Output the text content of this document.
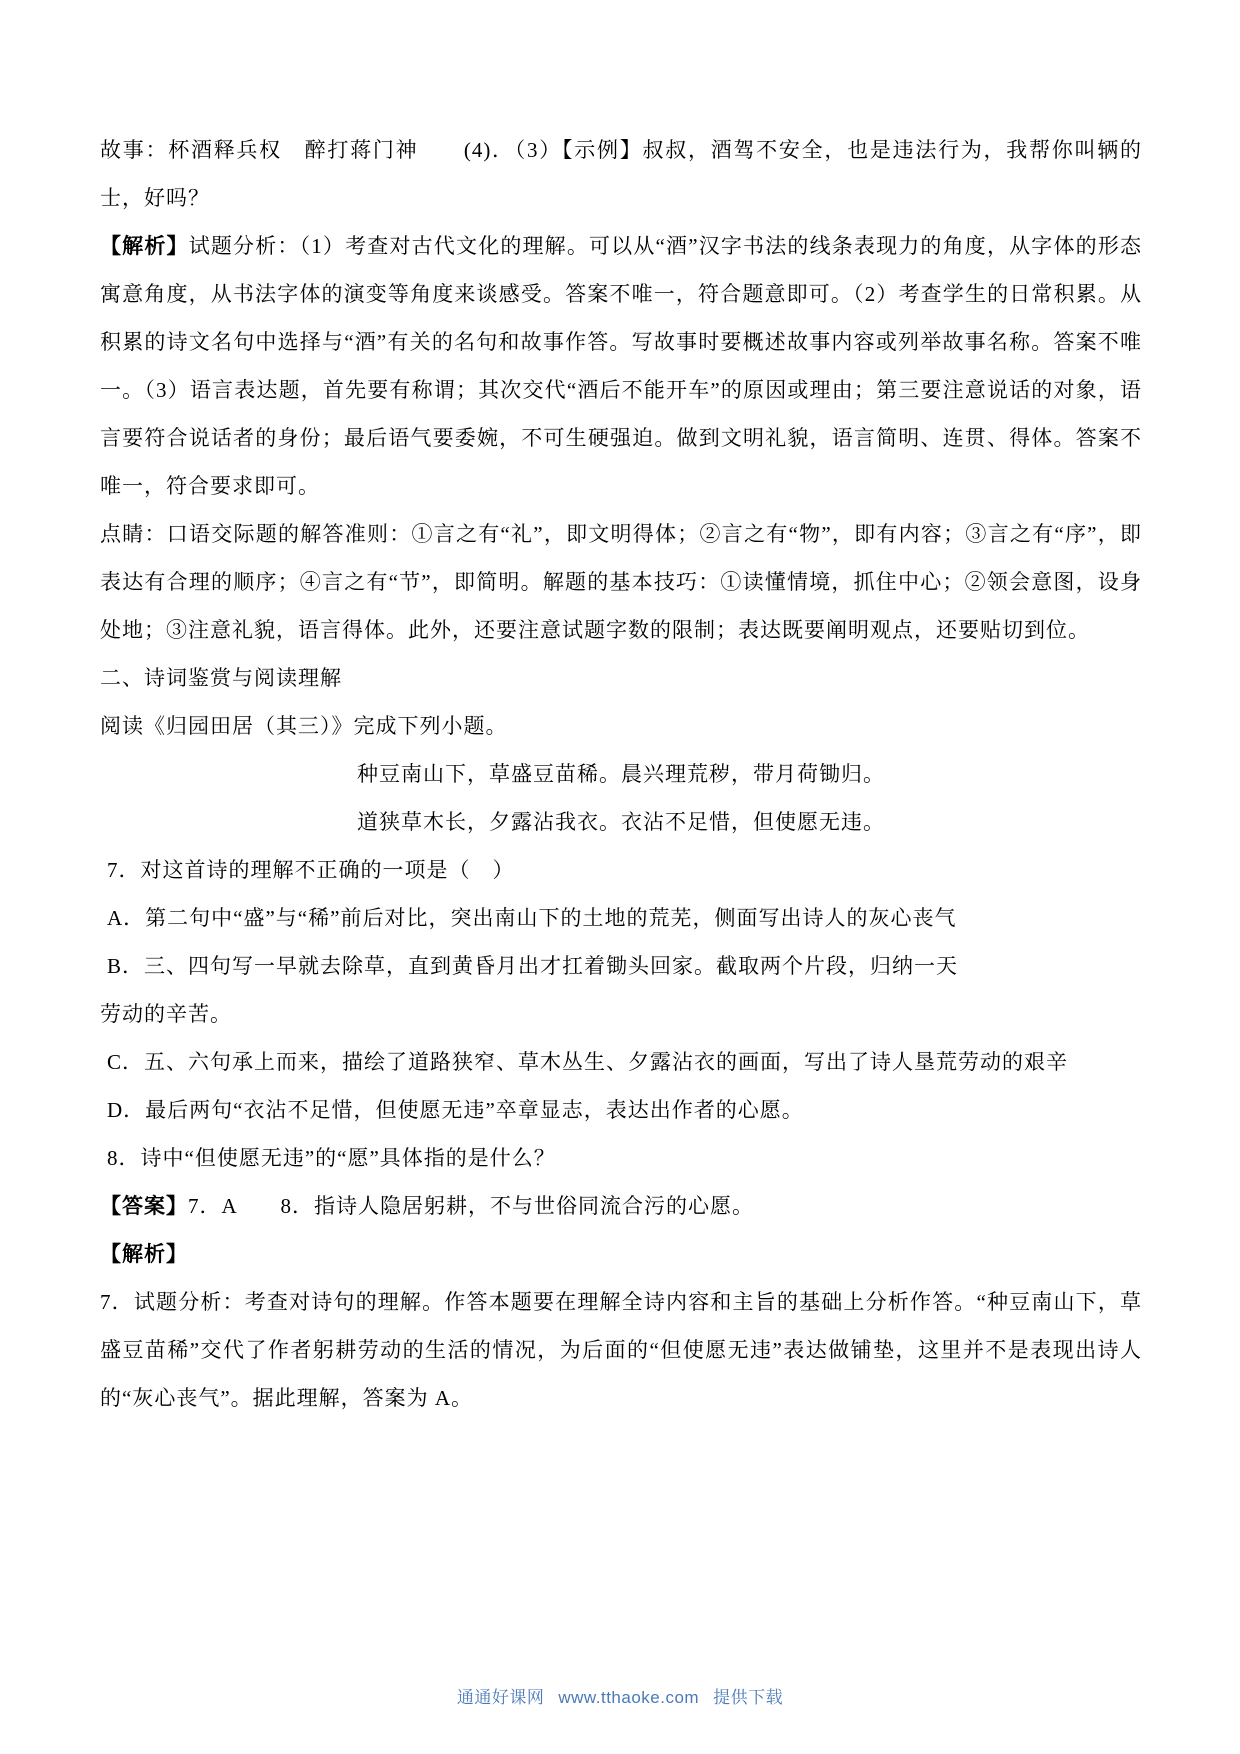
故事：杯酒释兵权　醉打蒋门神　　(4)．（3）【示例】叔叔，酒驾不安全，也是违法行为，我帮你叫辆的士，好吗？

【解析】试题分析：（1）考查对古代文化的理解。可以从“酒”汉字书法的线条表现力的角度，从字体的形态寓意角度，从书法字体的演变等角度来谈感受。答案不唯一，符合题意即可。（2）考查学生的日常积累。从积累的诗文名句中选择与“酒”有关的名句和故事作答。写故事时要概述故事内容或列举故事名称。答案不唯一。（3）语言表达题，首先要有称谓；其次交代“酒后不能开车”的原因或理由；第三要注意说话的对象，语言要符合说话者的身份；最后语气要委婉，不可生硬强迫。做到文明礼貌，语言简明、连贯、得体。答案不唯一，符合要求即可。

点睛：口语交际题的解答准则：①言之有“礼”，即文明得体；②言之有“物”，即有内容；③言之有“序”，即表达有合理的顺序；④言之有“节”，即简明。解题的基本技巧：①读懂情境，抓住中心；②领会意图，设身处地；③注意礼貌，语言得体。此外，还要注意试题字数的限制；表达既要阐明观点，还要贴切到位。

二、诗词鉴赏与阅读理解

阅读《归园田居（其三）》完成下列小题。

种豆南山下，草盛豆苗稀。晨兴理荒秽，带月荷锄归。

道狭草木长，夕露沾我衣。衣沾不足惜，但使愿无违。

7．对这首诗的理解不正确的一项是（　）

A．第二句中“盛”与“稀”前后对比，突出南山下的土地的荒芜，侧面写出诗人的灰心丧气

B．三、四句写一早就去除草，直到黄昏月出才扛着锄头回家。截取两个片段，归纳一天

劳动的辛苦。

C．五、六句承上而来，描绘了道路狭窄、草木丛生、夕露沾衣的画面，写出了诗人垦荒劳动的艰辛

D．最后两句“衣沾不足惜，但使愿无违”卒章显志，表达出作者的心愿。

8．诗中“但使愿无违”的“愿”具体指的是什么？

【答案】7．A　　8．指诗人隐居躬耕，不与世俗同流合污的心愿。

【解析】

7．试题分析：考查对诗句的理解。作答本题要在理解全诗内容和主旨的基础上分析作答。“种豆南山下，草盛豆苗稀”交代了作者躬耕劳动的生活的情况，为后面的“但使愿无违”表达做铺垫，这里并不是表现出诗人的“灰心丧气”。据此理解，答案为 A。

通通好课网 www.tthaoke.com 提供下载
